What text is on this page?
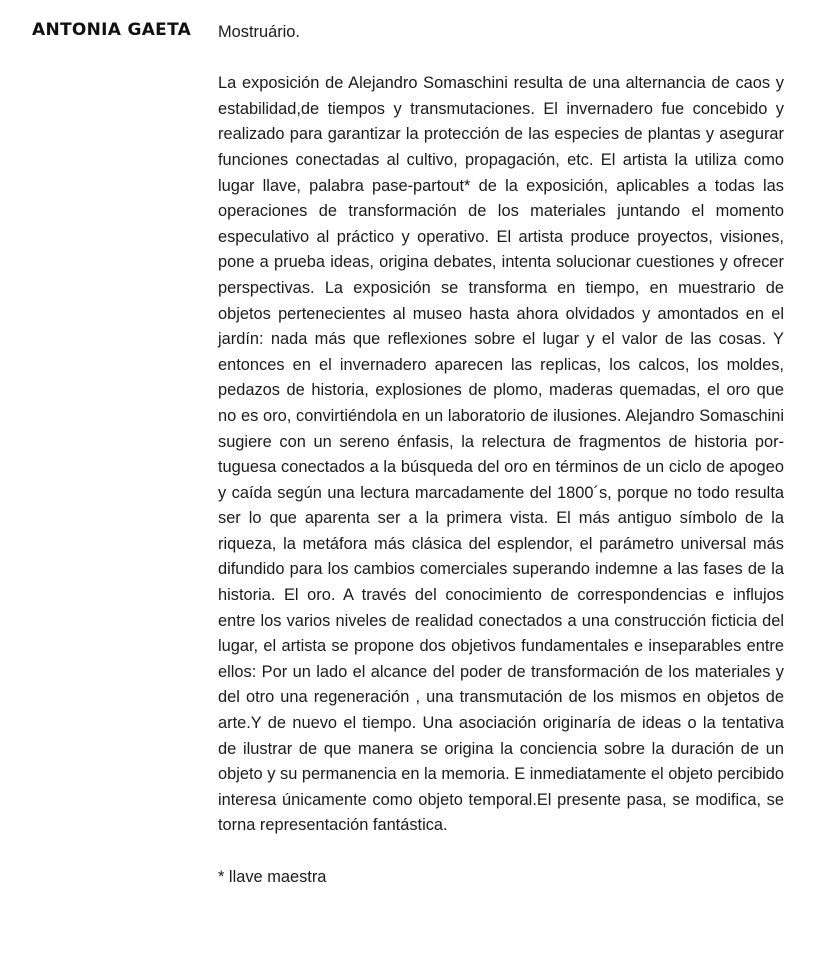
ANTONIA GAETA Mostruário.

La exposición de Alejandro Somaschini resulta de una alternancia de caos y estabilidad,de tiempos y transmutaciones. El invernadero fue concebido y realizado para garantizar la protección de las especies de plantas y asegurar funciones conectadas al cultivo, propagación, etc. El artista la utiliza como lugar llave, palabra pase-partout* de la exposición, aplicables a todas las operaciones de transformación de los materiales juntando el momento especulativo al práctico y operativo. El artista produce proyectos, visiones, pone a prueba ideas, origina debates, intenta solucionar cuestiones y ofrecer perspectivas. La exposición se transforma en tiempo, en muestrario de objetos pertenecientes al museo hasta ahora olvidados y amontados en el jardín: nada más que reflexiones sobre el lugar y el valor de las cosas. Y entonces en el invernadero aparecen las replicas, los calcos, los moldes, pedazos de historia, explosiones de plomo, maderas quemadas, el oro que no es oro, convirtiéndola en un laboratorio de ilusiones. Alejandro Somaschini sugiere con un sereno énfasis, la relectura de fragmentos de historia portuguesa conectados a la búsqueda del oro en términos de un ciclo de apogeo y caída según una lectura marcadamente del 1800´s, porque no todo resulta ser lo que aparenta ser a la primera vista. El más antiguo símbolo de la riqueza, la metáfora más clásica del esplendor, el parámetro universal más difundido para los cambios comerciales superando indemne a las fases de la historia. El oro. A través del conocimiento de correspondencias e influjos entre los varios niveles de realidad conectados a una construcción ficticia del lugar, el artista se propone dos objetivos fundamentales e inseparables entre ellos: Por un lado el alcance del poder de transformación de los materiales y del otro una regeneración , una transmutación de los mismos en objetos de arte.Y de nuevo el tiempo. Una asociación originaría de ideas o la tentativa de ilustrar de que manera se origina la conciencia sobre la duración de un objeto y su permanencia en la memoria. E inmediatamente el objeto percibido interesa únicamente como objeto temporal.El presente pasa, se modifica, se torna representación fantástica.

* llave maestra
